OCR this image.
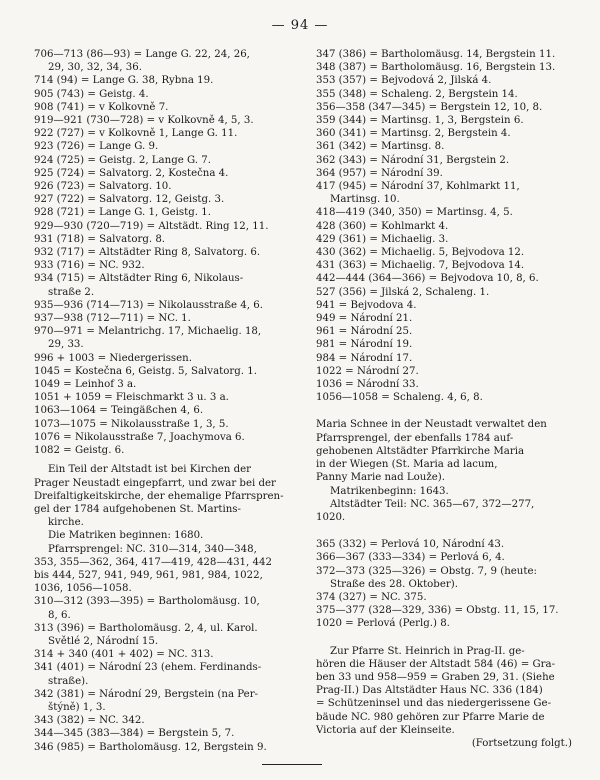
— 94 —
706—713 (86—93) = Lange G. 22, 24, 26,
29, 30, 32, 34, 36.
714 (94) = Lange G. 38, Rybna 19.
905 (743) = Geistg. 4.
908 (741) = v Kolkovně 7.
919—921 (730—728) = v Kolkovně 4, 5, 3.
922 (727) = v Kolkovně 1, Lange G. 11.
923 (726) = Lange G. 9.
924 (725) = Geistg. 2, Lange G. 7.
925 (724) = Salvatorg. 2, Kostečna 4.
926 (723) = Salvatorg. 10.
927 (722) = Salvatorg. 12, Geistg. 3.
928 (721) = Lange G. 1, Geistg. 1.
929—930 (720—719) = Altstädt. Ring 12, 11.
931 (718) = Salvatorg. 8.
932 (717) = Altstädter Ring 8, Salvatorg. 6.
933 (716) = NC. 932.
934 (715) = Altstädter Ring 6, Nikolaus-
straße 2.
935—936 (714—713) = Nikolausstraße 4, 6.
937—938 (712—711) = NC. 1.
970—971 = Melantrichg. 17, Michaelig. 18,
29, 33.
996 + 1003 = Niedergerissen.
1045 = Kostečna 6, Geistg. 5, Salvatorg. 1.
1049 = Leinhof 3 a.
1051 + 1059 = Fleischmarkt 3 u. 3 a.
1063—1064 = Teingäßchen 4, 6.
1073—1075 = Nikolausstraße 1, 3, 5.
1076 = Nikolausstraße 7, Joachymova 6.
1082 = Geistg. 6.

Ein Teil der Altstadt ist bei Kirchen der

Prager Neustadt eingepfarrt, und zwar bei der

Dreifaltigkeitskirche, der ehemalige Pfarrspren-

gel der 1784 aufgehobenen St. Martins-

kirche.

Die Matriken beginnen: 1680.

Pfarrsprengel: NC. 310—314, 340—348,

353, 355—362, 364, 417—419, 428—431, 442

bis 444, 527, 941, 949, 961, 981, 984, 1022,

1036, 1056—1058.

310—312 (393—395) = Bartholomäusg. 10,
8, 6.
313 (396) = Bartholomäusg. 2, 4, ul. Karol.
Světlé 2, Národní 15.
314 + 340 (401 + 402) = NC. 313.
341 (401) = Národní 23 (ehem. Ferdinands-
straße).
342 (381) = Národní 29, Bergstein (na Per-
štýně) 1, 3.
343 (382) = NC. 342.
344—345 (383—384) = Bergstein 5, 7.
346 (985) = Bartholomäusg. 12, Bergstein 9.
347 (386) = Bartholomäusg. 14, Bergstein 11.
348 (387) = Bartholomäusg. 16, Bergstein 13.
353 (357) = Bejvodová 2, Jilská 4.
355 (348) = Schaleng. 2, Bergstein 14.
356—358 (347—345) = Bergstein 12, 10, 8.
359 (344) = Martinsg. 1, 3, Bergstein 6.
360 (341) = Martinsg. 2, Bergstein 4.
361 (342) = Martinsg. 8.
362 (343) = Národní 31, Bergstein 2.
364 (957) = Národní 39.
417 (945) = Národní 37, Kohlmarkt 11,
Martinsg. 10.
418—419 (340, 350) = Martinsg. 4, 5.
428 (360) = Kohlmarkt 4.
429 (361) = Michaelig. 3.
430 (362) = Michaelig. 5, Bejvodova 12.
431 (363) = Michaelig. 7, Bejvodova 14.
442—444 (364—366) = Bejvodova 10, 8, 6.
527 (356) = Jilská 2, Schaleng. 1.
941 = Bejvodova 4.
949 = Národní 21.
961 = Národní 25.
981 = Národní 19.
984 = Národní 17.
1022 = Národní 27.
1036 = Národní 33.
1056—1058 = Schaleng. 4, 6, 8.

Maria Schnee in der Neustadt verwaltet den

Pfarrsprengel, der ebenfalls 1784 auf-

gehobenen Altstädter Pfarrkirche Maria

in der Wiegen (St. Maria ad lacum,

Panny Marie nad Louže).

Matrikenbeginn: 1643.

Altstädter Teil: NC. 365—67, 372—277,

1020.

365 (332) = Perlová 10, Národní 43.
366—367 (333—334) = Perlová 6, 4.
372—373 (325—326) = Obstg. 7, 9 (heute:
Straße des 28. Oktober).
374 (327) = NC. 375.
375—377 (328—329, 336) = Obstg. 11, 15, 17.
1020 = Perlová (Perlg.) 8.

Zur Pfarre St. Heinrich in Prag-II. ge-

hören die Häuser der Altstadt 584 (46) = Gra-

ben 33 und 958—959 = Graben 29, 31. (Siehe

Prag-II.) Das Altstädter Haus NC. 336 (184)

= Schützeninsel und das niedergerissene Ge-

bäude NC. 980 gehören zur Pfarre Marie de

Victoria auf der Kleinseite.

(Fortsetzung folgt.)
